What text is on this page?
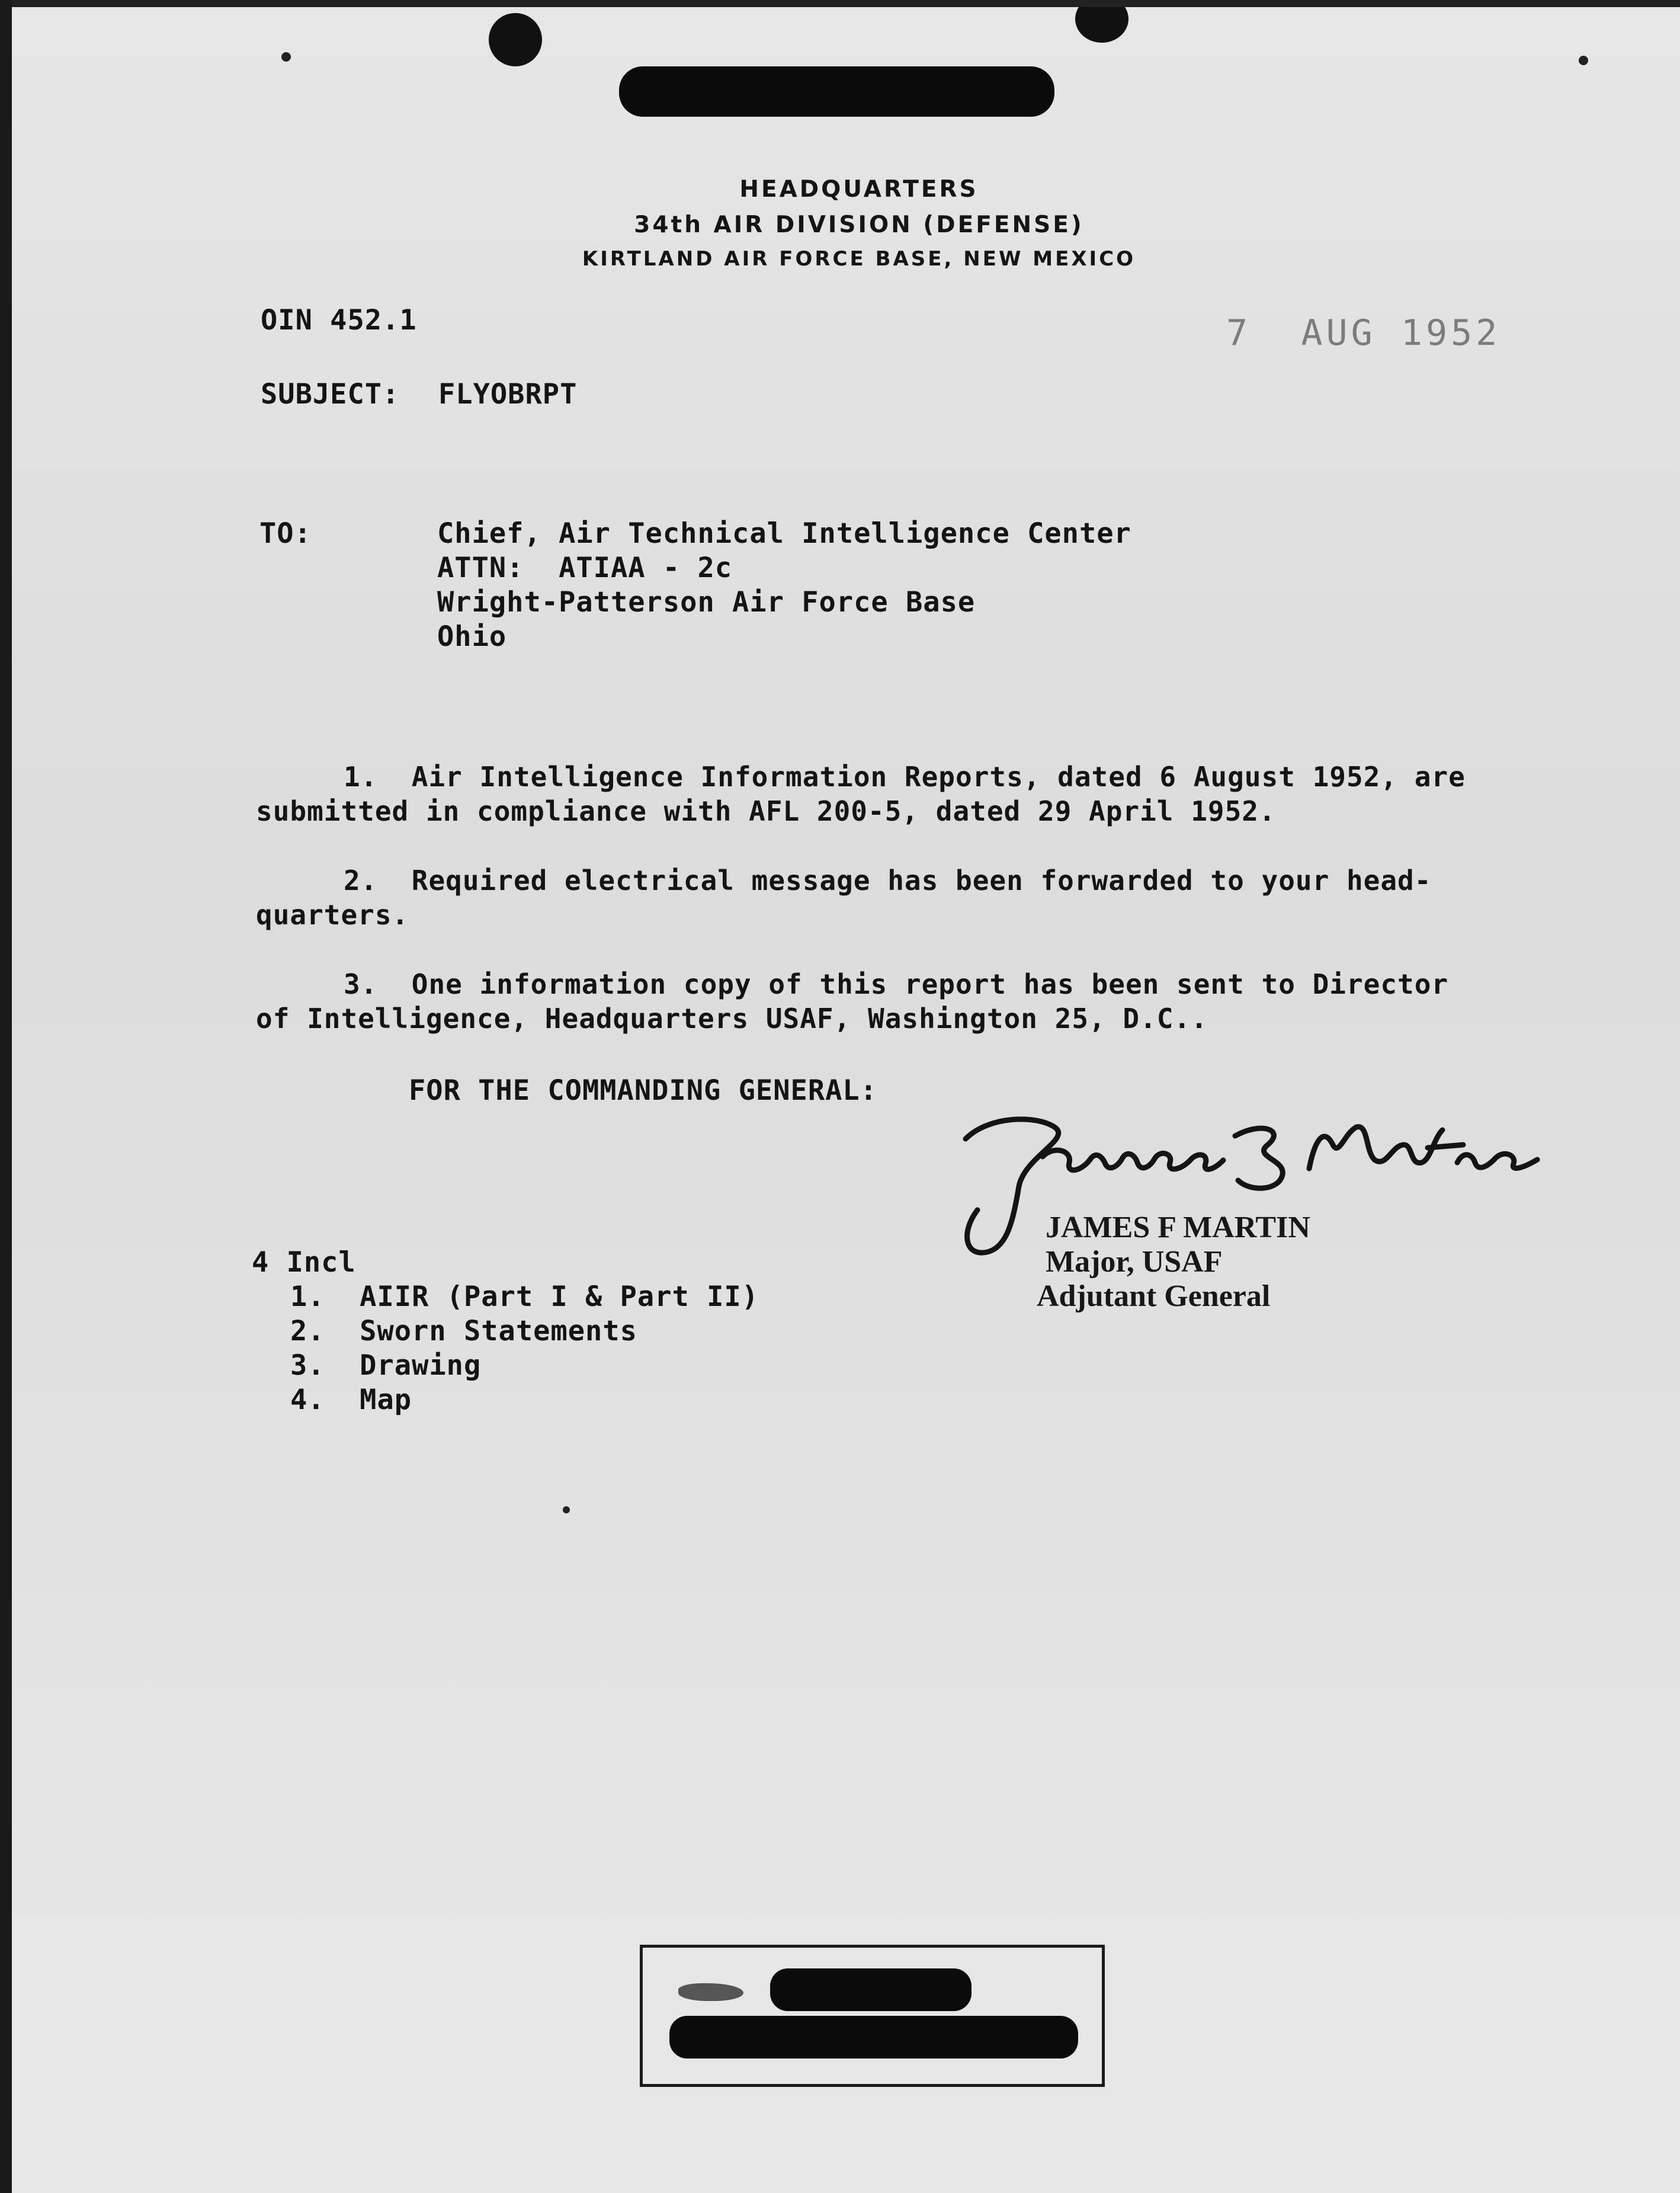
HEADQUARTERS
34th AIR DIVISION (DEFENSE)
KIRTLAND AIR FORCE BASE, NEW MEXICO
OIN 452.1	7  AUG 1952
SUBJECT: FLYOBRPT
TO:	Chief, Air Technical Intelligence Center
ATTN:  ATIAA - 2c
Wright-Patterson Air Force Base
Ohio
1.  Air Intelligence Information Reports, dated 6 August 1952, are
submitted in compliance with AFL 200-5, dated 29 April 1952.
2.  Required electrical message has been forwarded to your head-
quarters.
3.  One information copy of this report has been sent to Director
of Intelligence, Headquarters USAF, Washington 25, D.C..
FOR THE COMMANDING GENERAL:
JAMES F MARTIN
Major, USAF
Adjutant General
4 Incl
1.  AIIR (Part I & Part II)
2.  Sworn Statements
3.  Drawing
4.  Map
